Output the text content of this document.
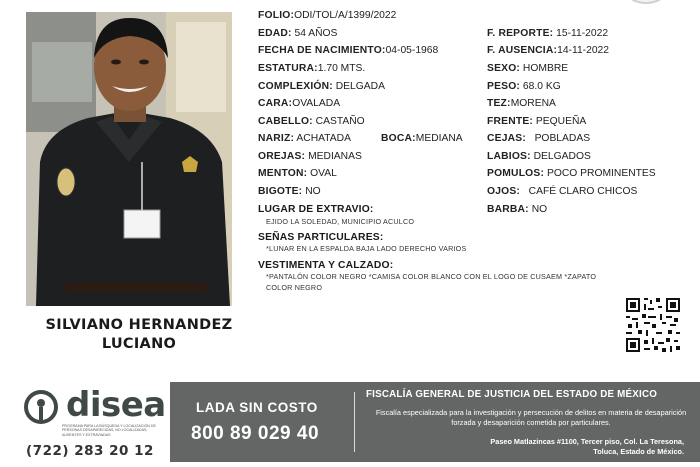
SILVIANO HERNANDEZ
LUCIANO
FOLIO:ODI/TOL/A/1399/2022
EDAD: 54 AÑOS
FECHA DE NACIMIENTO:04-05-1968
ESTATURA:1.70 MTS.
COMPLEXIÓN: DELGADA
CARA:OVALADA
CABELLO: CASTAÑO
NARIZ: ACHATADA	BOCA:MEDIANA
OREJAS: MEDIANAS
MENTON: OVAL
BIGOTE: NO
F. REPORTE: 15-11-2022
F. AUSENCIA:14-11-2022
SEXO: HOMBRE
PESO: 68.0 KG
TEZ:MORENA
FRENTE: PEQUEÑA
CEJAS: POBLADAS
LABIOS: DELGADOS
POMULOS: POCO PROMINENTES
OJOS: CAFÉ CLARO CHICOS
BARBA: NO
LUGAR DE EXTRAVIO:
EJIDO LA SOLEDAD, MUNICIPIO ACULCO
SEÑAS PARTICULARES:
*LUNAR EN LA ESPALDA BAJA LADO DERECHO VARIOS
VESTIMENTA Y CALZADO:
*PANTALÓN COLOR NEGRO *CAMISA COLOR BLANCO CON EL LOGO DE CUSAEM *ZAPATO
COLOR NEGRO
disea
PROGRAMA PARA LA BÚSQUEDA Y LOCALIZACIÓN DE PERSONAS DESAPARECIDAS, NO LOCALIZADAS, AUSENTES Y EXTRAVIADAS
(722) 283 20 12
LADA SIN COSTO
800 89 029 40
FISCALÍA GENERAL DE JUSTICIA DEL ESTADO DE MÉXICO
Fiscalía especializada para la investigación y persecución de delitos en materia de desaparición forzada y desaparición cometida por particulares.
Paseo Matlazincas #1100, Tercer piso, Col. La Teresona,
Toluca, Estado de México.
